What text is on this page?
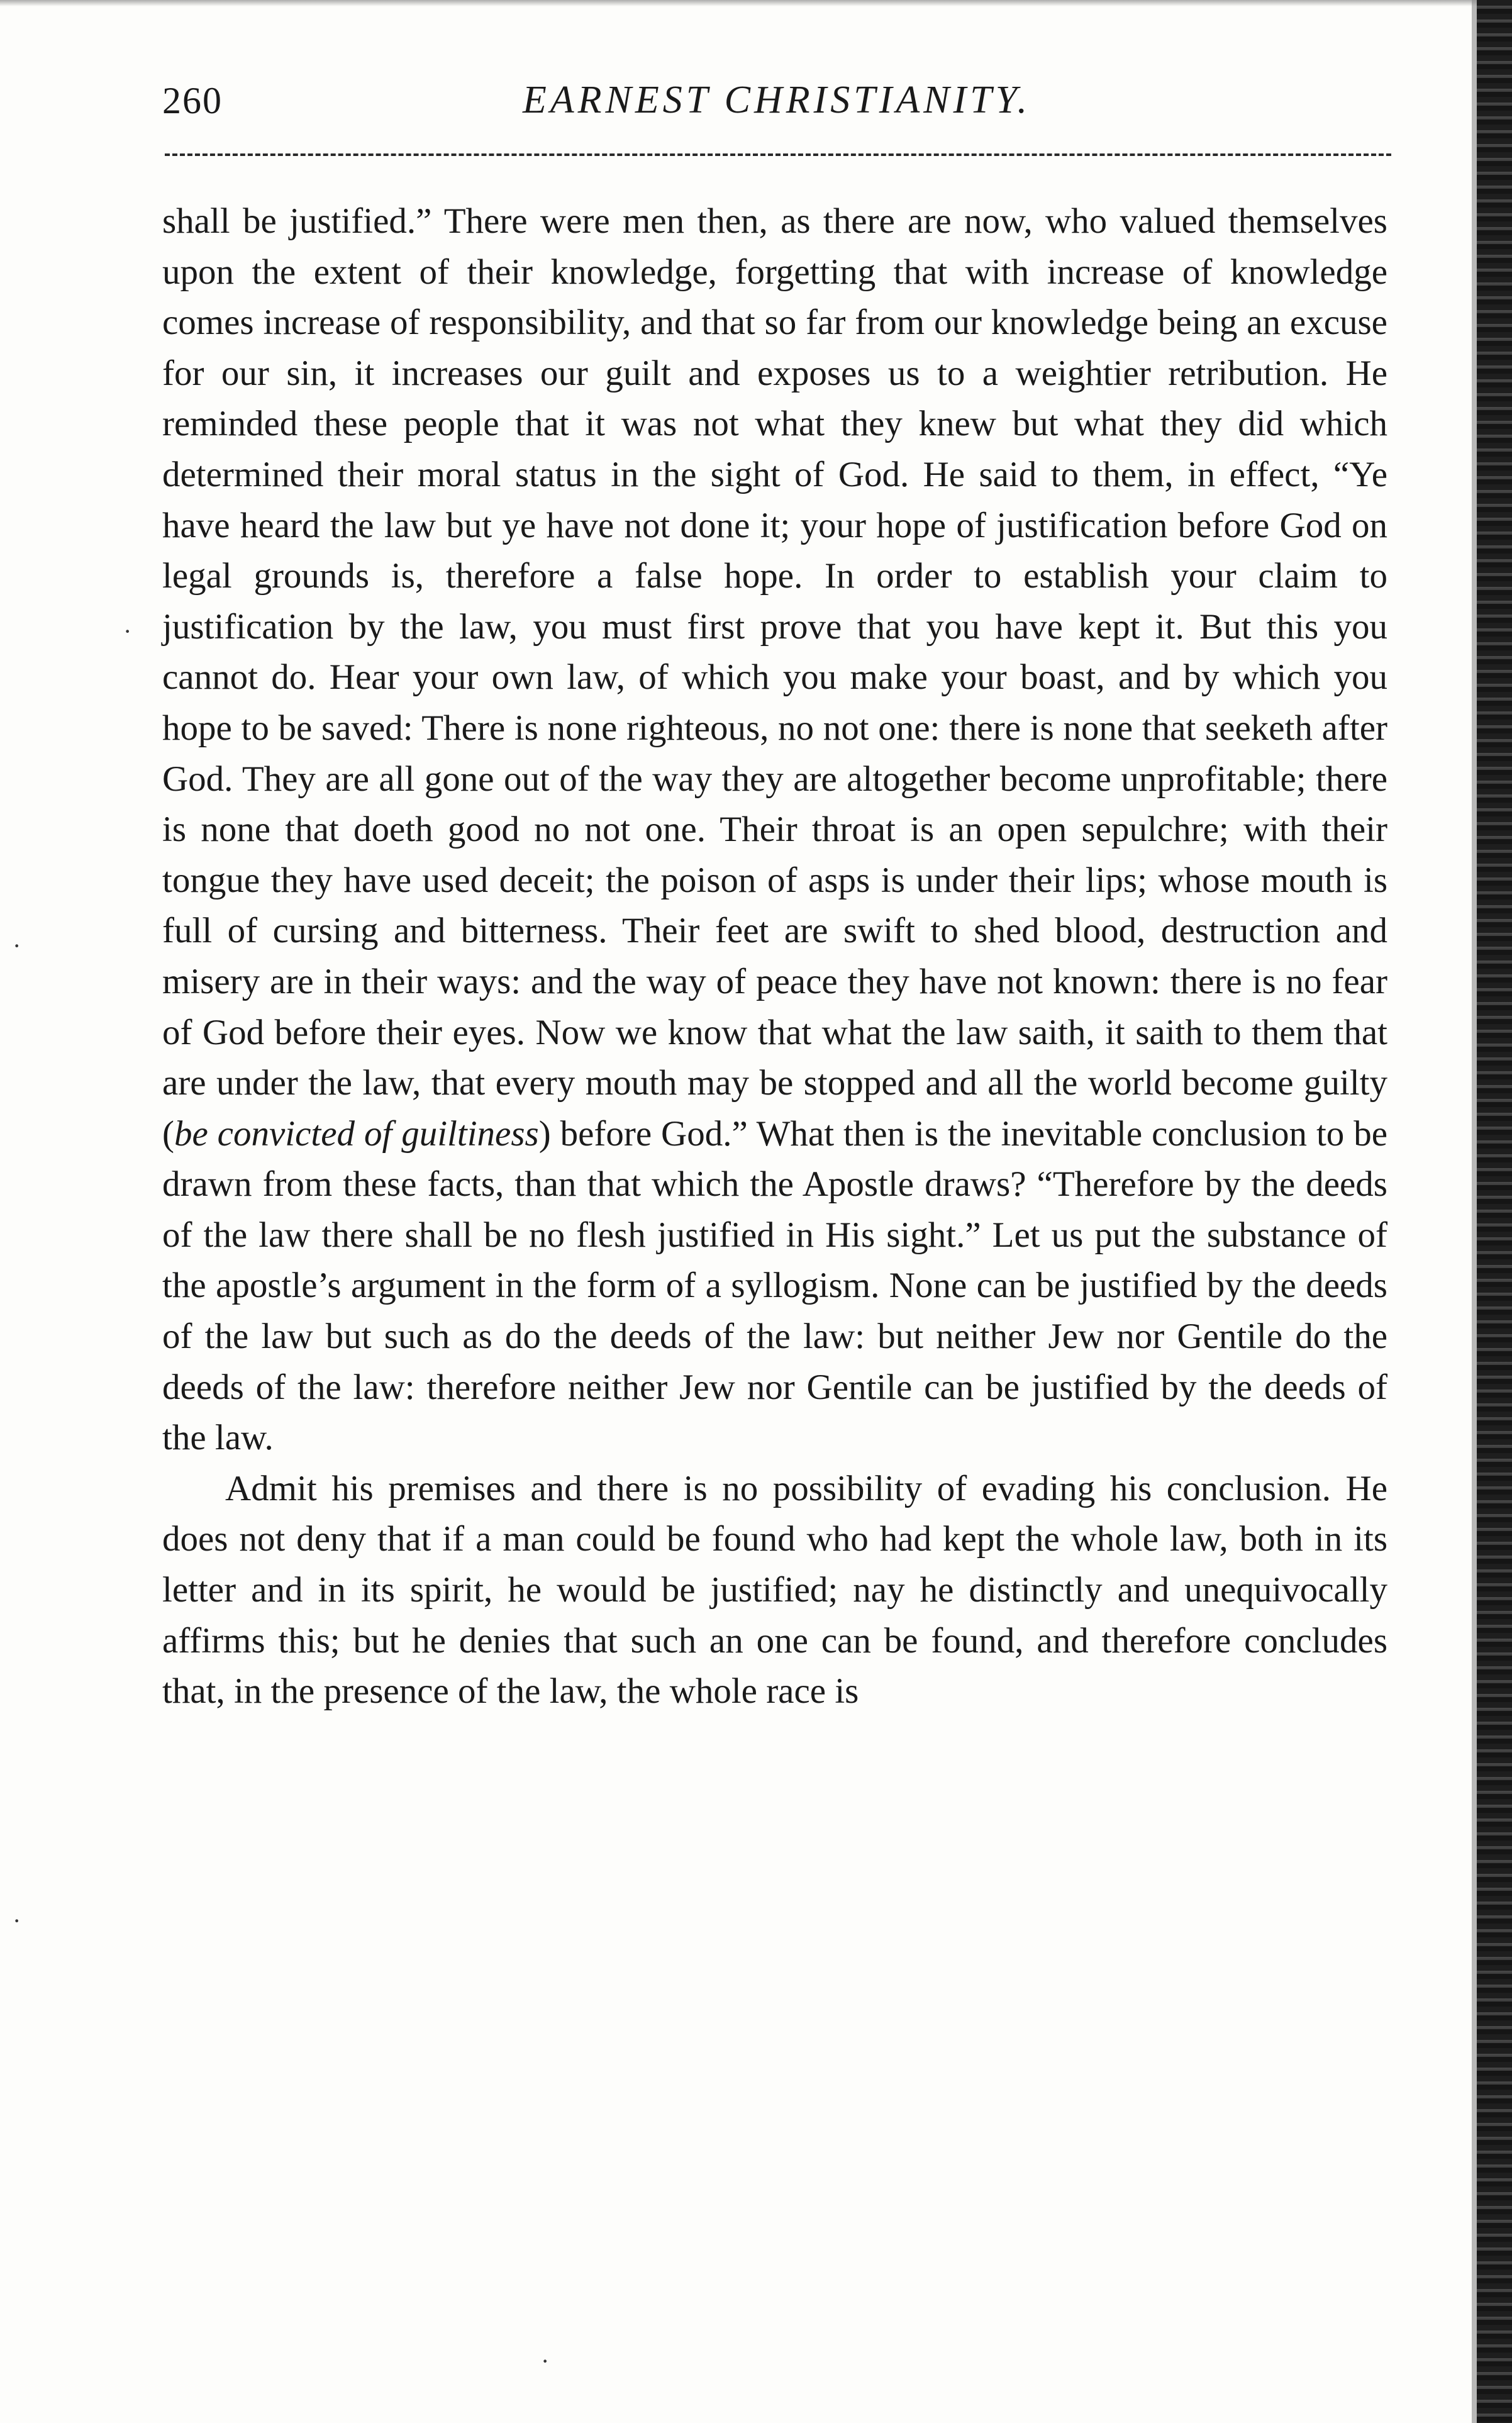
260	EARNEST CHRISTIANITY.

shall be justified.” There were men then, as there are now, who valued themselves upon the extent of their knowledge, forgetting that with increase of knowledge comes increase of responsibility, and that so far from our knowledge being an excuse for our sin, it increases our guilt and exposes us to a weightier retribution. He reminded these people that it was not what they knew but what they did which determined their moral status in the sight of God. He said to them, in effect, “Ye have heard the law but ye have not done it; your hope of justification before God on legal grounds is, therefore a false hope. In order to establish your claim to justification by the law, you must first prove that you have kept it. But this you cannot do. Hear your own law, of which you make your boast, and by which you hope to be saved: There is none righteous, no not one: there is none that seeketh after God. They are all gone out of the way they are altogether become unprofitable; there is none that doeth good no not one. Their throat is an open sepulchre; with their tongue they have used deceit; the poison of asps is under their lips; whose mouth is full of cursing and bitterness. Their feet are swift to shed blood, destruction and misery are in their ways: and the way of peace they have not known: there is no fear of God before their eyes. Now we know that what the law saith, it saith to them that are under the law, that every mouth may be stopped and all the world become guilty (be convicted of guiltiness) before God.” What then is the inevitable conclusion to be drawn from these facts, than that which the Apostle draws? “Therefore by the deeds of the law there shall be no flesh justified in His sight.” Let us put the substance of the apostle’s argument in the form of a syllogism. None can be justified by the deeds of the law but such as do the deeds of the law: but neither Jew nor Gentile do the deeds of the law: therefore neither Jew nor Gentile can be justified by the deeds of the law.

Admit his premises and there is no possibility of evading his conclusion. He does not deny that if a man could be found who had kept the whole law, both in its letter and in its spirit, he would be justified; nay he distinctly and unequivocally affirms this; but he denies that such an one can be found, and therefore concludes that, in the presence of the law, the whole race is

·
·
·
·
